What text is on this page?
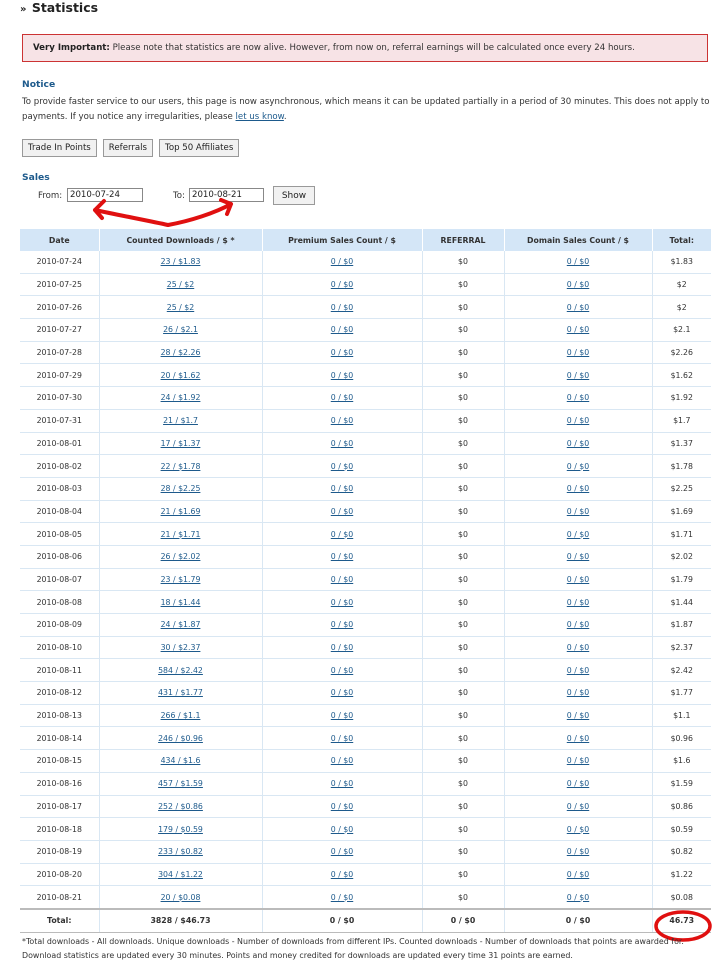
» Statistics
Very Important: Please note that statistics are now alive. However, from now on, referral earnings will be calculated once every 24 hours.
Notice
To provide faster service to our users, this page is now asynchronous, which means it can be updated partially in a period of 30 minutes. This does not apply to payments. If you notice any irregularities, please let us know.
Trade In Points	Referrals	Top 50 Affiliates
Sales
From:
2010-07-24	To:
2010-08-21	Show
Date	Counted Downloads / $ *	Premium Sales Count / $	REFERRAL	Domain Sales Count / $	Total:
2010-07-24	23 / $1.83	0 / $0	$0	0 / $0	$1.83
2010-07-25	25 / $2	0 / $0	$0	0 / $0	$2
2010-07-26	25 / $2	0 / $0	$0	0 / $0	$2
2010-07-27	26 / $2.1	0 / $0	$0	0 / $0	$2.1
2010-07-28	28 / $2.26	0 / $0	$0	0 / $0	$2.26
2010-07-29	20 / $1.62	0 / $0	$0	0 / $0	$1.62
2010-07-30	24 / $1.92	0 / $0	$0	0 / $0	$1.92
2010-07-31	21 / $1.7	0 / $0	$0	0 / $0	$1.7
2010-08-01	17 / $1.37	0 / $0	$0	0 / $0	$1.37
2010-08-02	22 / $1.78	0 / $0	$0	0 / $0	$1.78
2010-08-03	28 / $2.25	0 / $0	$0	0 / $0	$2.25
2010-08-04	21 / $1.69	0 / $0	$0	0 / $0	$1.69
2010-08-05	21 / $1.71	0 / $0	$0	0 / $0	$1.71
2010-08-06	26 / $2.02	0 / $0	$0	0 / $0	$2.02
2010-08-07	23 / $1.79	0 / $0	$0	0 / $0	$1.79
2010-08-08	18 / $1.44	0 / $0	$0	0 / $0	$1.44
2010-08-09	24 / $1.87	0 / $0	$0	0 / $0	$1.87
2010-08-10	30 / $2.37	0 / $0	$0	0 / $0	$2.37
2010-08-11	584 / $2.42	0 / $0	$0	0 / $0	$2.42
2010-08-12	431 / $1.77	0 / $0	$0	0 / $0	$1.77
2010-08-13	266 / $1.1	0 / $0	$0	0 / $0	$1.1
2010-08-14	246 / $0.96	0 / $0	$0	0 / $0	$0.96
2010-08-15	434 / $1.6	0 / $0	$0	0 / $0	$1.6
2010-08-16	457 / $1.59	0 / $0	$0	0 / $0	$1.59
2010-08-17	252 / $0.86	0 / $0	$0	0 / $0	$0.86
2010-08-18	179 / $0.59	0 / $0	$0	0 / $0	$0.59
2010-08-19	233 / $0.82	0 / $0	$0	0 / $0	$0.82
2010-08-20	304 / $1.22	0 / $0	$0	0 / $0	$1.22
2010-08-21	20 / $0.08	0 / $0	$0	0 / $0	$0.08
Total:	3828 / $46.73	0 / $0	0 / $0	0 / $0	46.73
*Total downloads - All downloads. Unique downloads - Number of downloads from different IPs. Counted downloads - Number of downloads that points are awarded for. Download statistics are updated every 30 minutes. Points and money credited for downloads are updated every time 31 points are earned.
